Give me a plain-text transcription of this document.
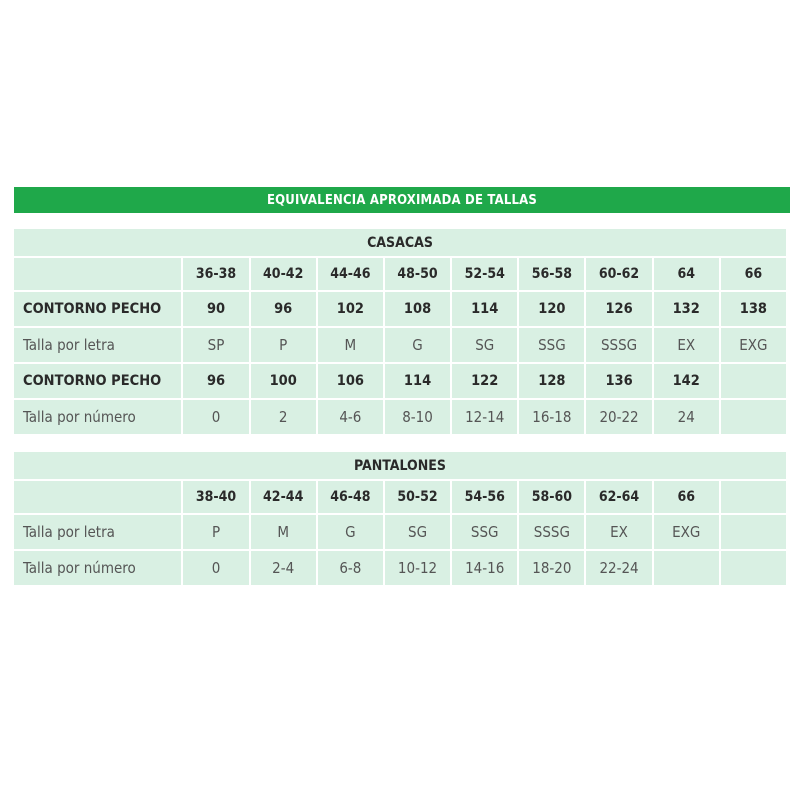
EQUIVALENCIA APROXIMADA DE TALLAS
CASACAS									
	36-38	40-42	44-46	48-50	52-54	56-58	60-62	64	66
CONTORNO PECHO	90	96	102	108	114	120	126	132	138
Talla por letra	SP	P	M	G	SG	SSG	SSSG	EX	EXG
CONTORNO PECHO	96	100	106	114	122	128	136	142	
Talla por número	0	2	4-6	8-10	12-14	16-18	20-22	24	
PANTALONES									
	38-40	42-44	46-48	50-52	54-56	58-60	62-64	66	
Talla por letra	P	M	G	SG	SSG	SSSG	EX	EXG	
Talla por número	0	2-4	6-8	10-12	14-16	18-20	22-24		
